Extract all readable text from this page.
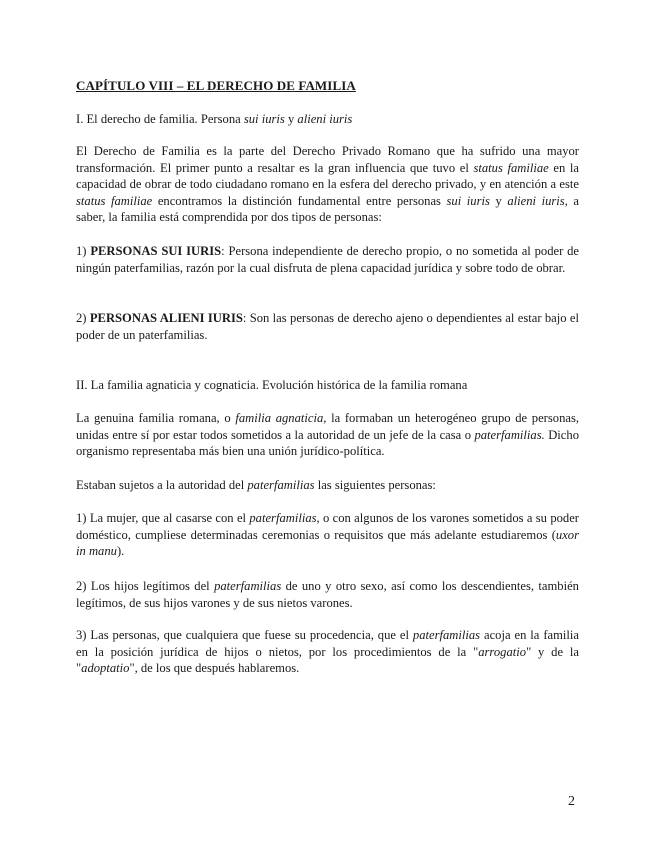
CAPÍTULO VIII – EL DERECHO DE FAMILIA
I. El derecho de familia. Persona sui iuris y alieni iuris

El Derecho de Familia es la parte del Derecho Privado Romano que ha sufrido una mayor transformación. El primer punto a resaltar es la gran influencia que tuvo el status familiae en la capacidad de obrar de todo ciudadano romano en la esfera del derecho privado, y en atención a este status familiae encontramos la distinción fundamental entre personas sui iuris y alieni iuris, a saber, la familia está comprendida por dos tipos de personas:

1) PERSONAS SUI IURIS: Persona independiente de derecho propio, o no sometida al poder de ningún paterfamilias, razón por la cual disfruta de plena capacidad jurídica y sobre todo de obrar.

2) PERSONAS ALIENI IURIS: Son las personas de derecho ajeno o dependientes al estar bajo el poder de un paterfamilias.

II. La familia agnaticia y cognaticia. Evolución histórica de la familia romana

La genuina familia romana, o familia agnaticia, la formaban un heterogéneo grupo de personas, unidas entre sí por estar todos sometidos a la autoridad de un jefe de la casa o paterfamilias. Dicho organismo representaba más bien una unión jurídico-política.

Estaban sujetos a la autoridad del paterfamilias las siguientes personas:

1) La mujer, que al casarse con el paterfamilias, o con algunos de los varones sometidos a su poder doméstico, cumpliese determinadas ceremonias o requisitos que más adelante estudiaremos (uxor in manu).

2) Los hijos legítimos del paterfamilias de uno y otro sexo, así como los descendientes, también legítimos, de sus hijos varones y de sus nietos varones.

3) Las personas, que cualquiera que fuese su procedencia, que el paterfamilias acoja en la familia en la posición jurídica de hijos o nietos, por los procedimientos de la "arrogatio" y de la "adoptatio", de los que después hablaremos.

2
